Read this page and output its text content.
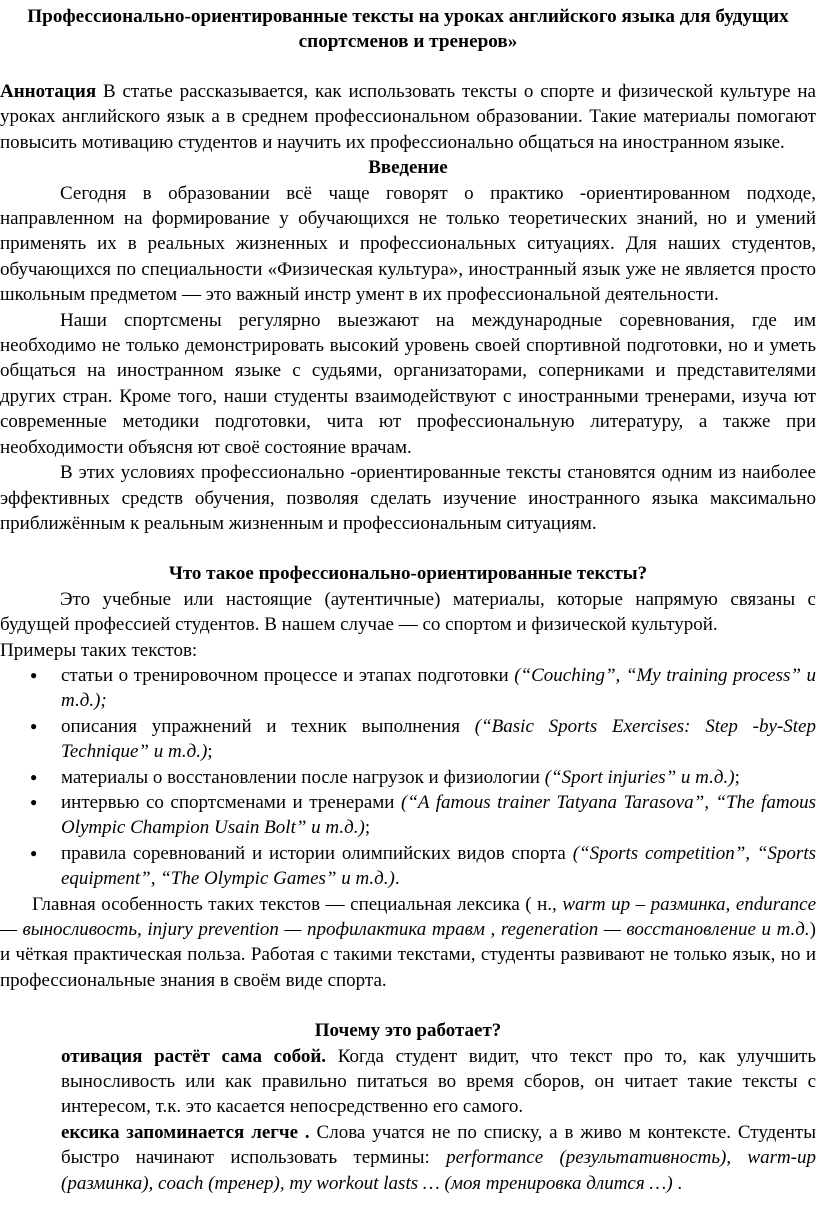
Профессионально-ориентированные тексты на уроках английского языка для будущих спортсменов и тренеров»

Аннотация В статье рассказывается, как использовать тексты о спорте и физической культуре на уроках английского язык а в среднем профессиональном образовании. Такие материалы помогают повысить мотивацию студентов и научить их профессионально общаться на иностранном языке.

Введение

Сегодня в образовании всё чаще говорят о практико -ориентированном подходе, направленном на формирование у обучающихся не только теоретических знаний, но и умений применять их в реальных жизненных и профессиональных ситуациях. Для наших студентов, обучающихся по специальности «Физическая культура», иностранный язык уже не является просто школьным предметом — это важный инстр умент в их профессиональной деятельности.

Наши спортсмены регулярно выезжают на международные соревнования, где им необходимо не только демонстрировать высокий уровень своей спортивной подготовки, но и уметь общаться на иностранном языке с судьями, организаторами, соперниками и представителями других стран. Кроме того, наши студенты взаимодействуют с иностранными тренерами, изуча ют современные методики подготовки, чита ют профессиональную литературу, а также при необходимости объясня ют своё состояние врачам.

В этих условиях профессионально -ориентированные тексты становятся одним из наиболее эффективных средств обучения, позволяя сделать изучение иностранного языка максимально приближённым к реальным жизненным и профессиональным ситуациям.

Что такое профессионально-ориентированные тексты?

Это учебные или настоящие (аутентичные) материалы, которые напрямую связаны с будущей профессией студентов. В нашем случае — со спортом и физической культурой.

Примеры таких текстов:

● статьи о тренировочном процессе и этапах подготовки (“Couching”, “My training process” и т.д.);
● описания упражнений и техник выполнения (“Basic Sports Exercises: Step -by-Step Technique” и т.д.);
● материалы о восстановлении после нагрузок и физиологии (“Sport injuries” и т.д.);
● интервью со спортсменами и тренерами (“A famous trainer Tatyana Tarasova”, “The famous Olympic Champion Usain Bolt” и т.д.);
● правила соревнований и истории олимпийских видов спорта (“Sports competition”, “Sports equipment”, “The Olympic Games” и т.д.).

Главная особенность таких текстов — специальная лексика ( н., warm up – разминка, endurance — выносливость, injury prevention — профилактика травм , regeneration — восстановление и т.д.) и чёткая практическая польза. Работая с такими текстами, студенты развивают не только язык, но и профессиональные знания в своём виде спорта.

Почему это работает?

отивация растёт сама собой. Когда студент видит, что текст про то, как улучшить выносливость или как правильно питаться во время сборов, он читает такие тексты с интересом, т.к. это касается непосредственно его самого.

ексика запоминается легче . Слова учатся не по списку, а в живо м контексте. Студенты быстро начинают использовать термины: performance (результативность), warm-up (разминка), coach (тренер), my workout lasts … (моя тренировка длится …) .
